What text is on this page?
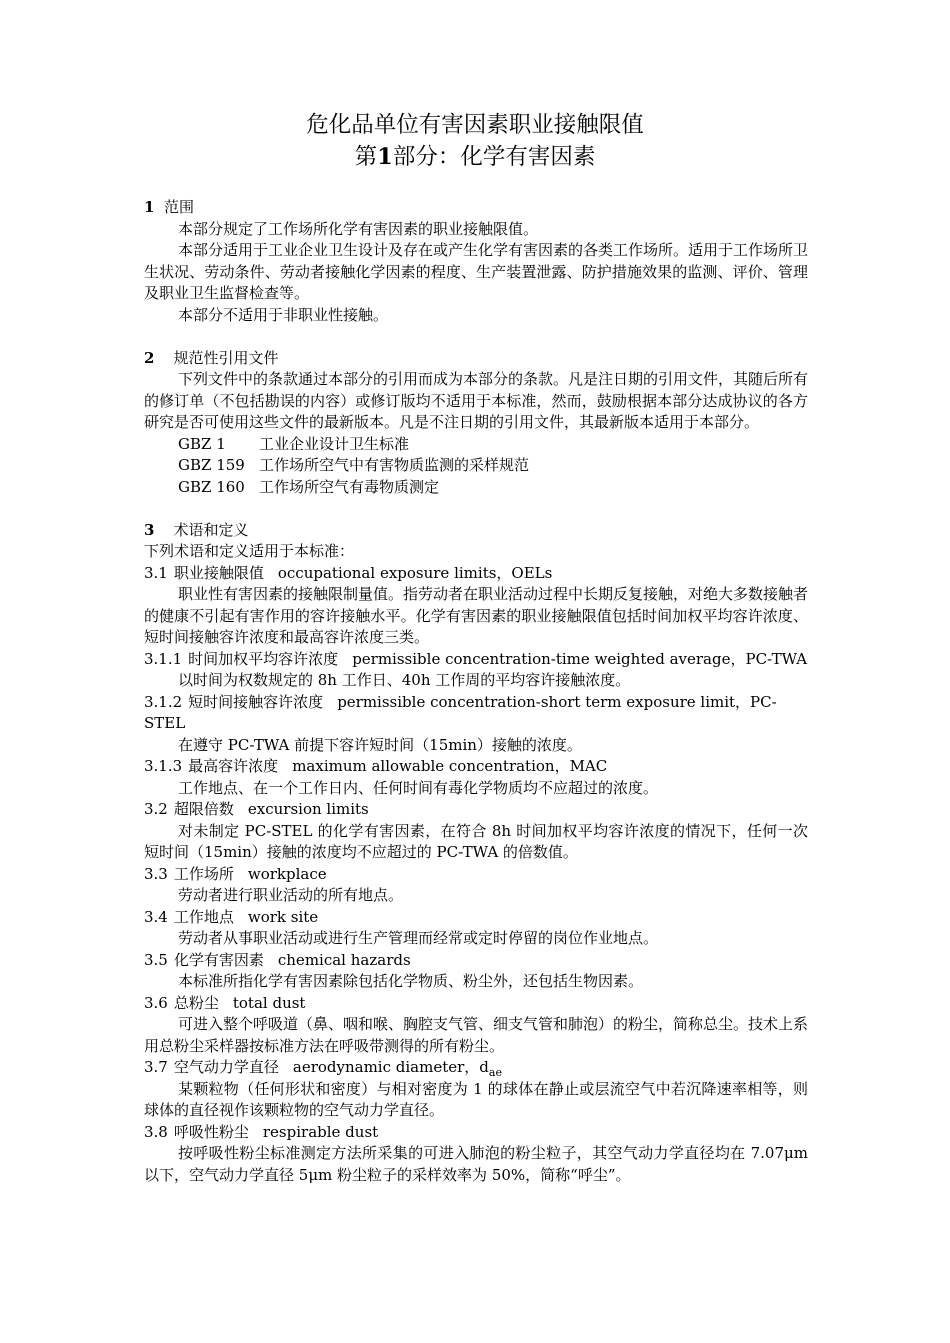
危化品单位有害因素职业接触限值
第1部分：化学有害因素
1 范围

本部分规定了工作场所化学有害因素的职业接触限值。

本部分适用于工业企业卫生设计及存在或产生化学有害因素的各类工作场所。适用于工作场所卫生状况、劳动条件、劳动者接触化学因素的程度、生产装置泄露、防护措施效果的监测、评价、管理及职业卫生监督检查等。

本部分不适用于非职业性接触。

2 规范性引用文件

下列文件中的条款通过本部分的引用而成为本部分的条款。凡是注日期的引用文件，其随后所有的修订单（不包括勘误的内容）或修订版均不适用于本标准，然而，鼓励根据本部分达成协议的各方研究是否可使用这些文件的最新版本。凡是不注日期的引用文件，其最新版本适用于本部分。

GBZ 1 工业企业设计卫生标准
GBZ 159 工作场所空气中有害物质监测的采样规范
GBZ 160 工作场所空气有毒物质测定
3 术语和定义
下列术语和定义适用于本标准：
3.1 职业接触限值 occupational exposure limits，OELs

职业性有害因素的接触限制量值。指劳动者在职业活动过程中长期反复接触，对绝大多数接触者的健康不引起有害作用的容许接触水平。化学有害因素的职业接触限值包括时间加权平均容许浓度、短时间接触容许浓度和最高容许浓度三类。

3.1.1 时间加权平均容许浓度 permissible concentration-time weighted average，PC-TWA

以时间为权数规定的 8h 工作日、40h 工作周的平均容许接触浓度。

3.1.2 短时间接触容许浓度 permissible concentration-short term exposure limit，PC-STEL

在遵守 PC-TWA 前提下容许短时间（15min）接触的浓度。

3.1.3 最高容许浓度 maximum allowable concentration，MAC

工作地点、在一个工作日内、任何时间有毒化学物质均不应超过的浓度。

3.2 超限倍数 excursion limits

对未制定 PC-STEL 的化学有害因素，在符合 8h 时间加权平均容许浓度的情况下，任何一次短时间（15min）接触的浓度均不应超过的 PC-TWA 的倍数值。

3.3 工作场所 workplace

劳动者进行职业活动的所有地点。

3.4 工作地点 work site

劳动者从事职业活动或进行生产管理而经常或定时停留的岗位作业地点。

3.5 化学有害因素 chemical hazards

本标准所指化学有害因素除包括化学物质、粉尘外，还包括生物因素。

3.6 总粉尘 total dust

可进入整个呼吸道（鼻、咽和喉、胸腔支气管、细支气管和肺泡）的粉尘，简称总尘。技术上系用总粉尘采样器按标准方法在呼吸带测得的所有粉尘。

3.7 空气动力学直径 aerodynamic diameter，$d_{ae}$

某颗粒物（任何形状和密度）与相对密度为 1 的球体在静止或层流空气中若沉降速率相等，则球体的直径视作该颗粒物的空气动力学直径。

3.8 呼吸性粉尘 respirable dust

按呼吸性粉尘标准测定方法所采集的可进入肺泡的粉尘粒子，其空气动力学直径均在 7.07μm 以下，空气动力学直径 5μm 粉尘粒子的采样效率为 50%，简称“呼尘”。
